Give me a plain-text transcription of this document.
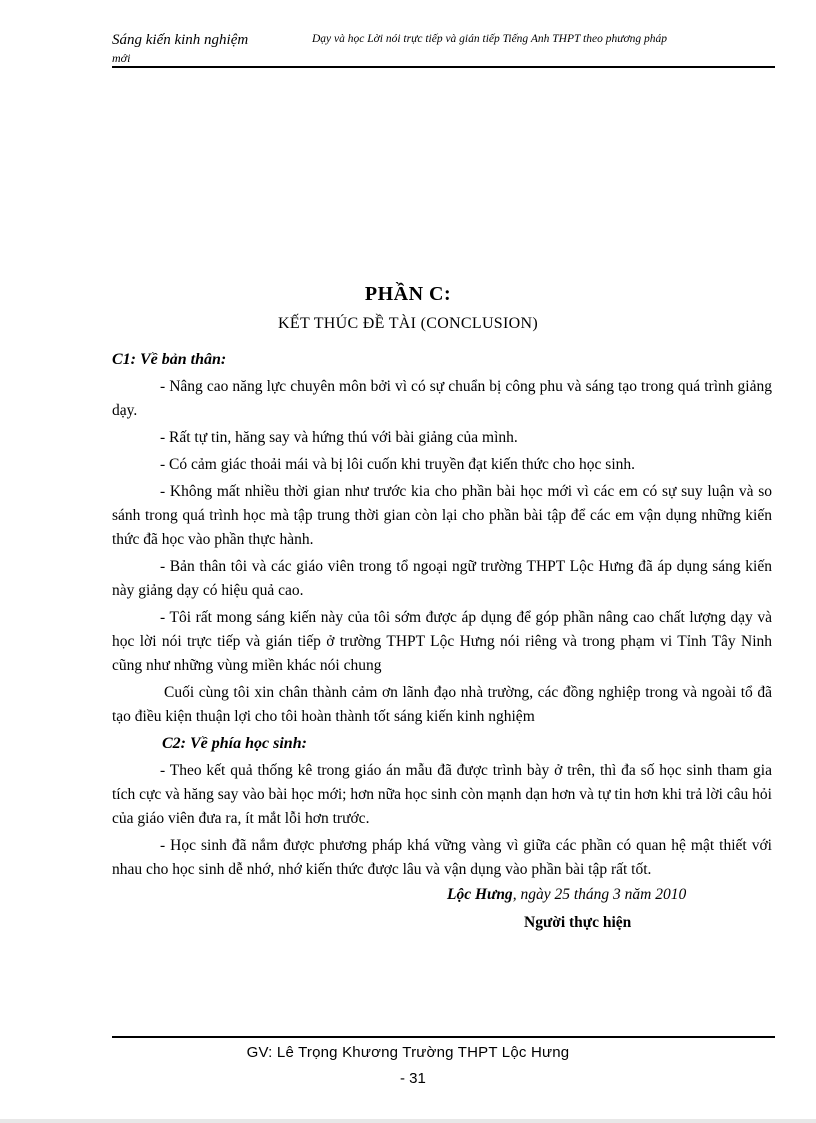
Sáng kiến kinh nghiệm
mới
Dạy và học Lời nói trực tiếp và gián tiếp Tiếng Anh THPT theo phương pháp
PHẦN C:
KẾT THÚC ĐỀ TÀI (CONCLUSION)
C1: Về bản thân:

- Nâng cao năng lực chuyên môn bởi vì có sự chuẩn bị công phu và sáng tạo trong quá trình giảng dạy.

- Rất tự tin, hăng say và hứng thú với bài giảng của mình.

- Có cảm giác thoải mái và bị lôi cuốn khi truyền đạt kiến thức cho học sinh.

- Không mất nhiều thời gian như trước kia cho phần bài học mới vì các em có sự suy luận và so sánh trong quá trình học mà tập trung thời gian còn lại cho phần bài tập để các em vận dụng những kiến thức đã học vào phần thực hành.

- Bản thân tôi và các giáo viên trong tổ ngoại ngữ trường THPT Lộc Hưng đã áp dụng sáng kiến này giảng dạy có hiệu quả cao.

- Tôi rất mong sáng kiến này của tôi sớm được áp dụng để góp phần nâng cao chất lượng dạy và học lời nói trực tiếp và gián tiếp ở trường THPT Lộc Hưng nói riêng và trong phạm vi Tỉnh Tây Ninh cũng như những vùng miền khác nói chung

Cuối cùng tôi xin chân thành cảm ơn lãnh đạo nhà trường, các đồng nghiệp trong và ngoài tổ đã tạo điều kiện thuận lợi cho tôi hoàn thành tốt sáng kiến kinh nghiệm

C2: Về phía học sinh:

- Theo kết quả thống kê trong giáo án mẫu đã được trình bày ở trên, thì đa số học sinh tham gia tích cực và hăng say vào bài học mới; hơn nữa học sinh còn mạnh dạn hơn và tự tin hơn khi trả lời câu hỏi của giáo viên đưa ra, ít mắt lỗi hơn trước.

- Học sinh đã nắm được phương pháp khá vững vàng vì giữa các phần có quan hệ mật thiết với nhau cho học sinh dễ nhớ, nhớ kiến thức được lâu và vận dụng vào phần bài tập rất tốt.

Lộc Hưng, ngày 25 tháng 3 năm 2010
Người thực hiện
GV: Lê Trọng Khương Trường THPT Lộc Hưng
- 31
